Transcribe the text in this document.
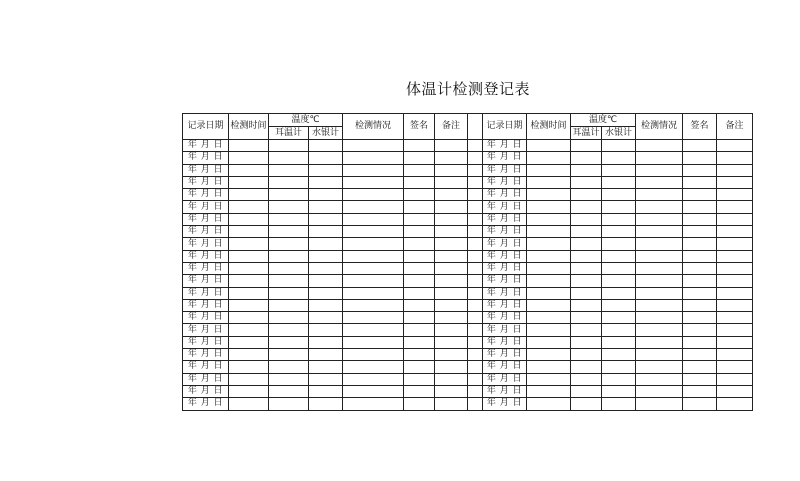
体温计检测登记表
记录日期	检测时间	温度℃		检测情况	签名	备注		记录日期	检测时间	温度℃		检测情况	签名	备注
		耳温计	水银计							耳温计	水银计			
年 月 日								年 月 日						
年 月 日								年 月 日						
年 月 日								年 月 日						
年 月 日								年 月 日						
年 月 日								年 月 日						
年 月 日								年 月 日						
年 月 日								年 月 日						
年 月 日								年 月 日						
年 月 日								年 月 日						
年 月 日								年 月 日						
年 月 日								年 月 日						
年 月 日								年 月 日						
年 月 日								年 月 日						
年 月 日								年 月 日						
年 月 日								年 月 日						
年 月 日								年 月 日						
年 月 日								年 月 日						
年 月 日								年 月 日						
年 月 日								年 月 日						
年 月 日								年 月 日						
年 月 日								年 月 日						
年 月 日								年 月 日						
